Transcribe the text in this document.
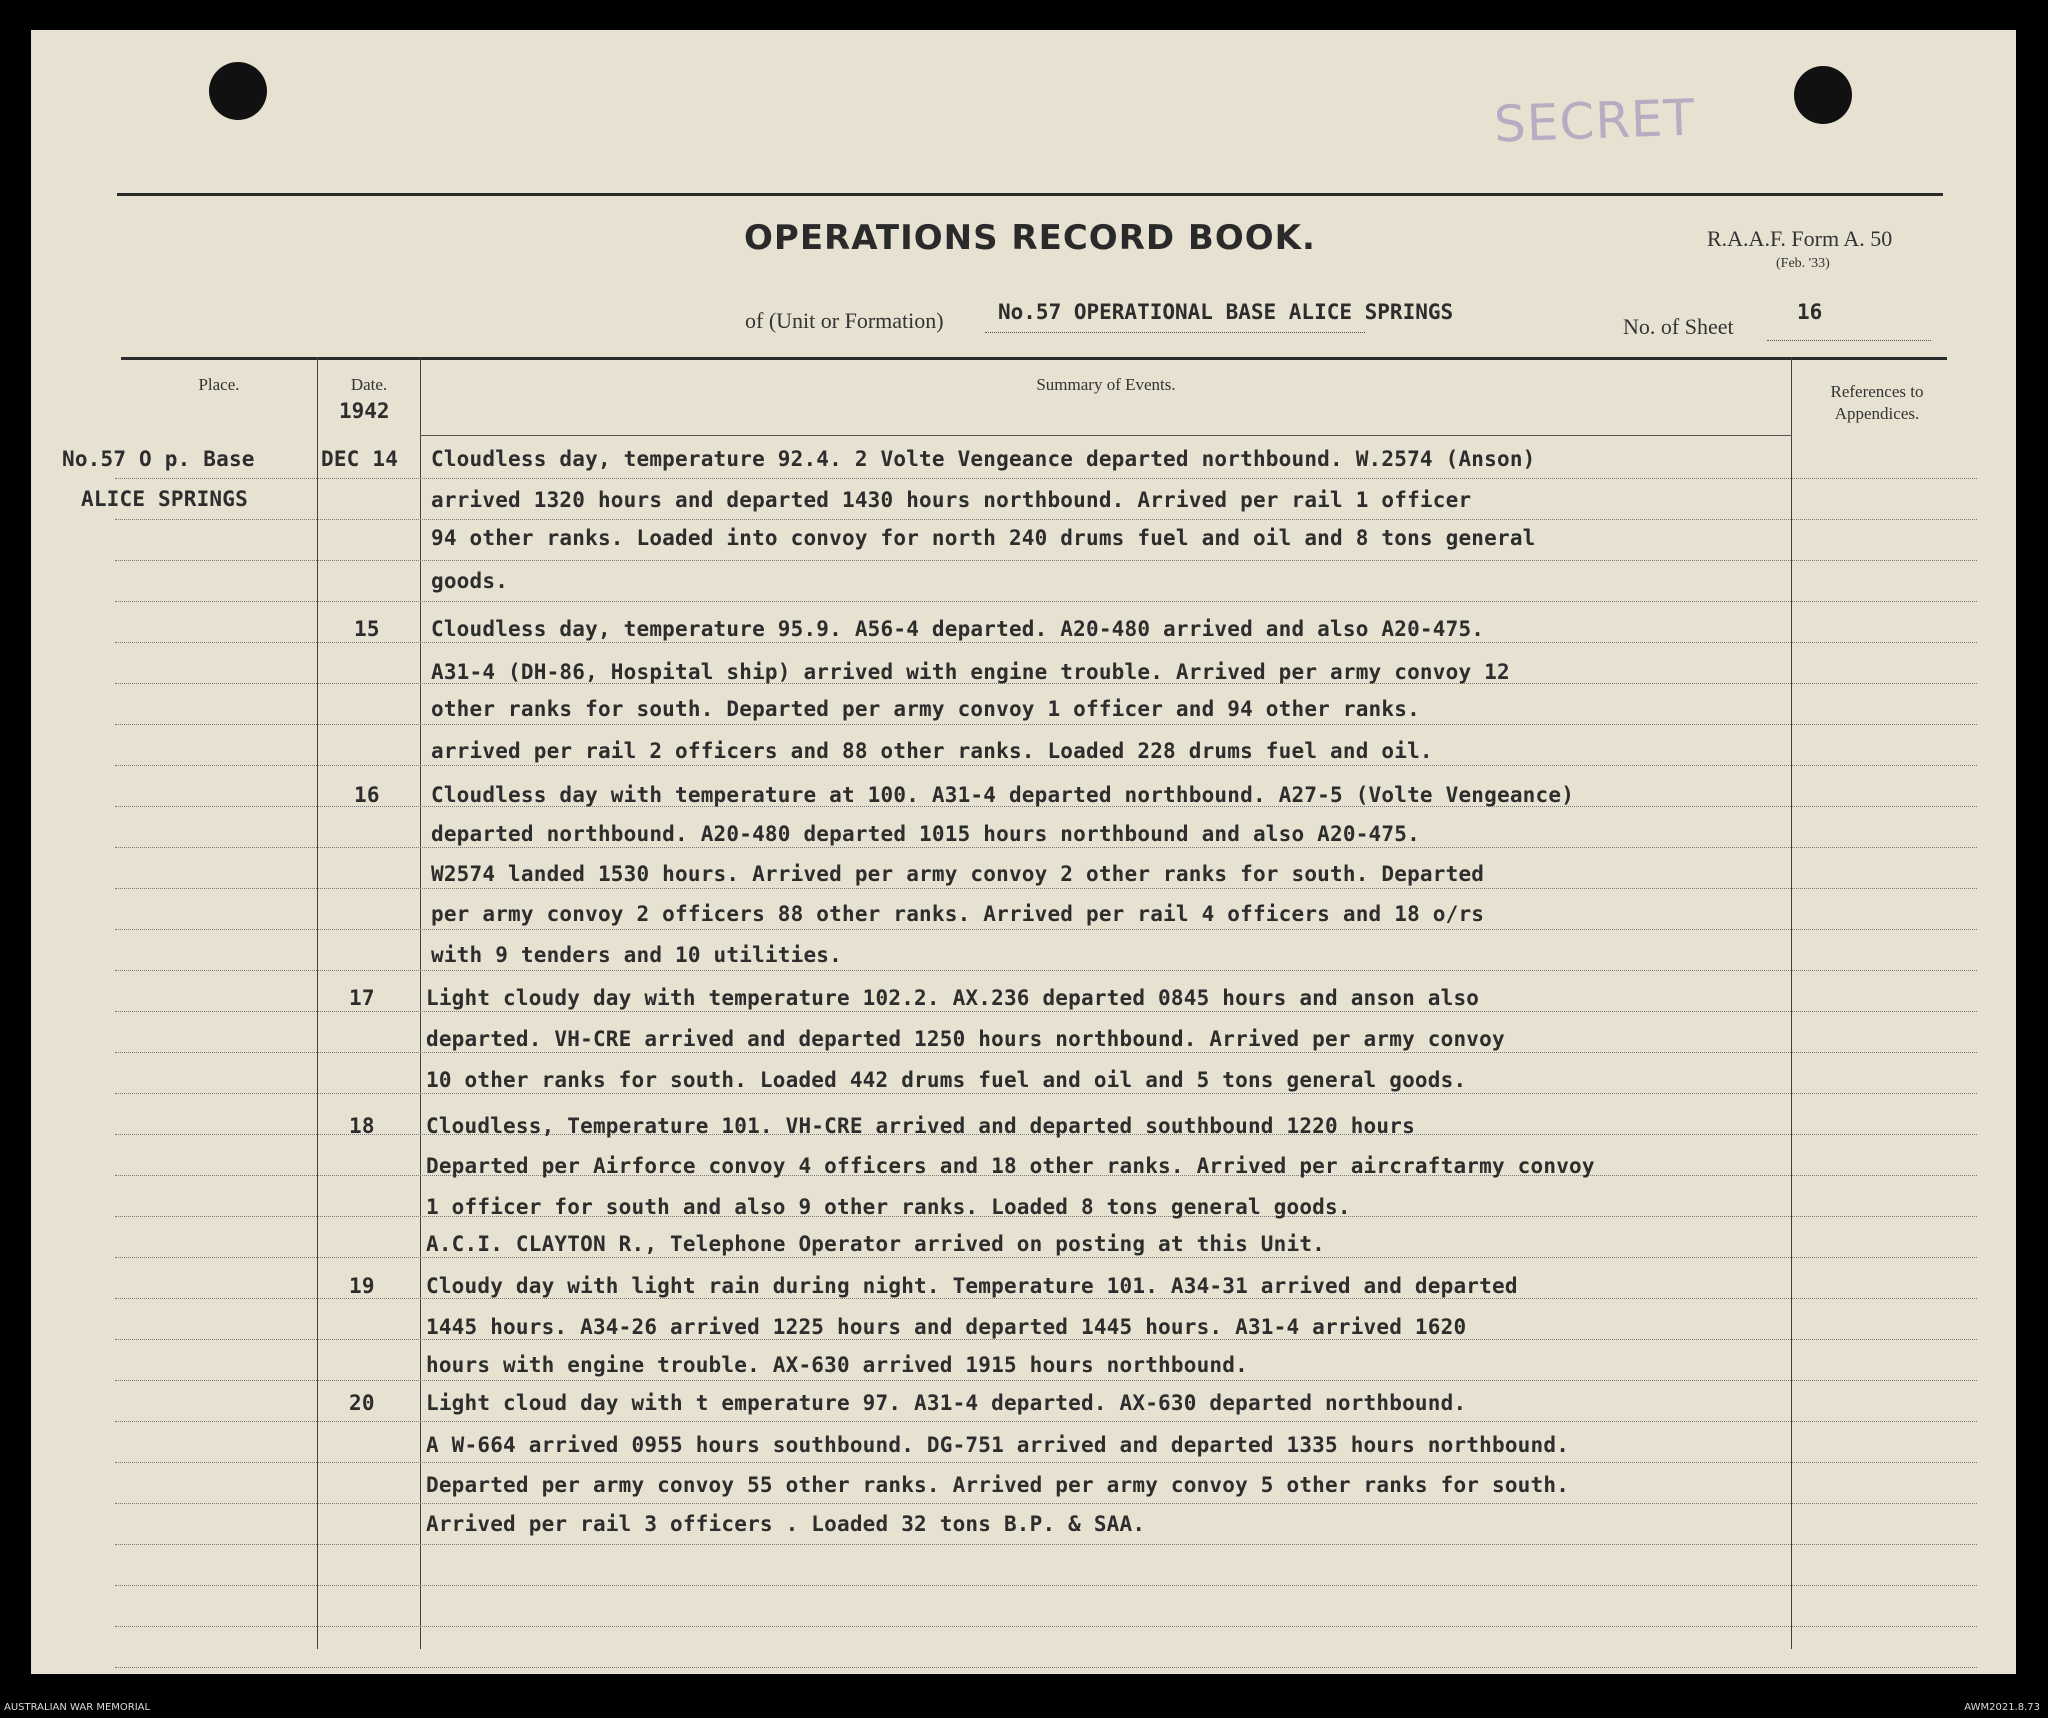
SECRET
OPERATIONS RECORD BOOK.	R.A.A.F. Form A. 50
(Feb. '33)
of (Unit or Formation)	No.57 OPERATIONAL BASE ALICE SPRINGS
No. of Sheet
16
Place.	Date.
1942
Summary of Events.	References to
Appendices.
No.57 O p. Base
ALICE SPRINGS
DEC 14 Cloudless day, temperature 92.4. 2 Volte Vengeance departed northbound. W.2574 (Anson)
arrived 1320 hours and departed 1430 hours northbound. Arrived per rail 1 officer
94 other ranks. Loaded into convoy for north 240 drums fuel and oil and 8 tons general
goods.
15 Cloudless day, temperature 95.9. A56-4 departed. A20-480 arrived and also A20-475.
A31-4 (DH-86, Hospital ship) arrived with engine trouble. Arrived per army convoy 12
other ranks for south. Departed per army convoy 1 officer and 94 other ranks.
arrived per rail 2 officers and 88 other ranks. Loaded 228 drums fuel and oil.
16 Cloudless day with temperature at 100. A31-4 departed northbound. A27-5 (Volte Vengeance)
departed northbound. A20-480 departed 1015 hours northbound and also A20-475.
W2574 landed 1530 hours. Arrived per army convoy 2 other ranks for south. Departed
per army convoy 2 officers 88 other ranks. Arrived per rail 4 officers and 18 o/rs
with 9 tenders and 10 utilities.
17 Light cloudy day with temperature 102.2. AX.236 departed 0845 hours and anson also
departed. VH-CRE arrived and departed 1250 hours northbound. Arrived per army convoy
10 other ranks for south. Loaded 442 drums fuel and oil and 5 tons general goods.
18 Cloudless, Temperature 101. VH-CRE arrived and departed southbound 1220 hours
Departed per Airforce convoy 4 officers and 18 other ranks. Arrived per aircraftarmy convoy
1 officer for south and also 9 other ranks. Loaded 8 tons general goods.
A.C.I. CLAYTON R., Telephone Operator arrived on posting at this Unit.
19 Cloudy day with light rain during night. Temperature 101. A34-31 arrived and departed
1445 hours. A34-26 arrived 1225 hours and departed 1445 hours. A31-4 arrived 1620
hours with engine trouble. AX-630 arrived 1915 hours northbound.
20 Light cloud day with t emperature 97. A31-4 departed. AX-630 departed northbound.
A W-664 arrived 0955 hours southbound. DG-751 arrived and departed 1335 hours northbound.
Departed per army convoy 55 other ranks. Arrived per army convoy 5 other ranks for south.
Arrived per rail 3 officers . Loaded 32 tons B.P. & SAA.
AUSTRALIAN WAR MEMORIAL	AWM2021.8.73
